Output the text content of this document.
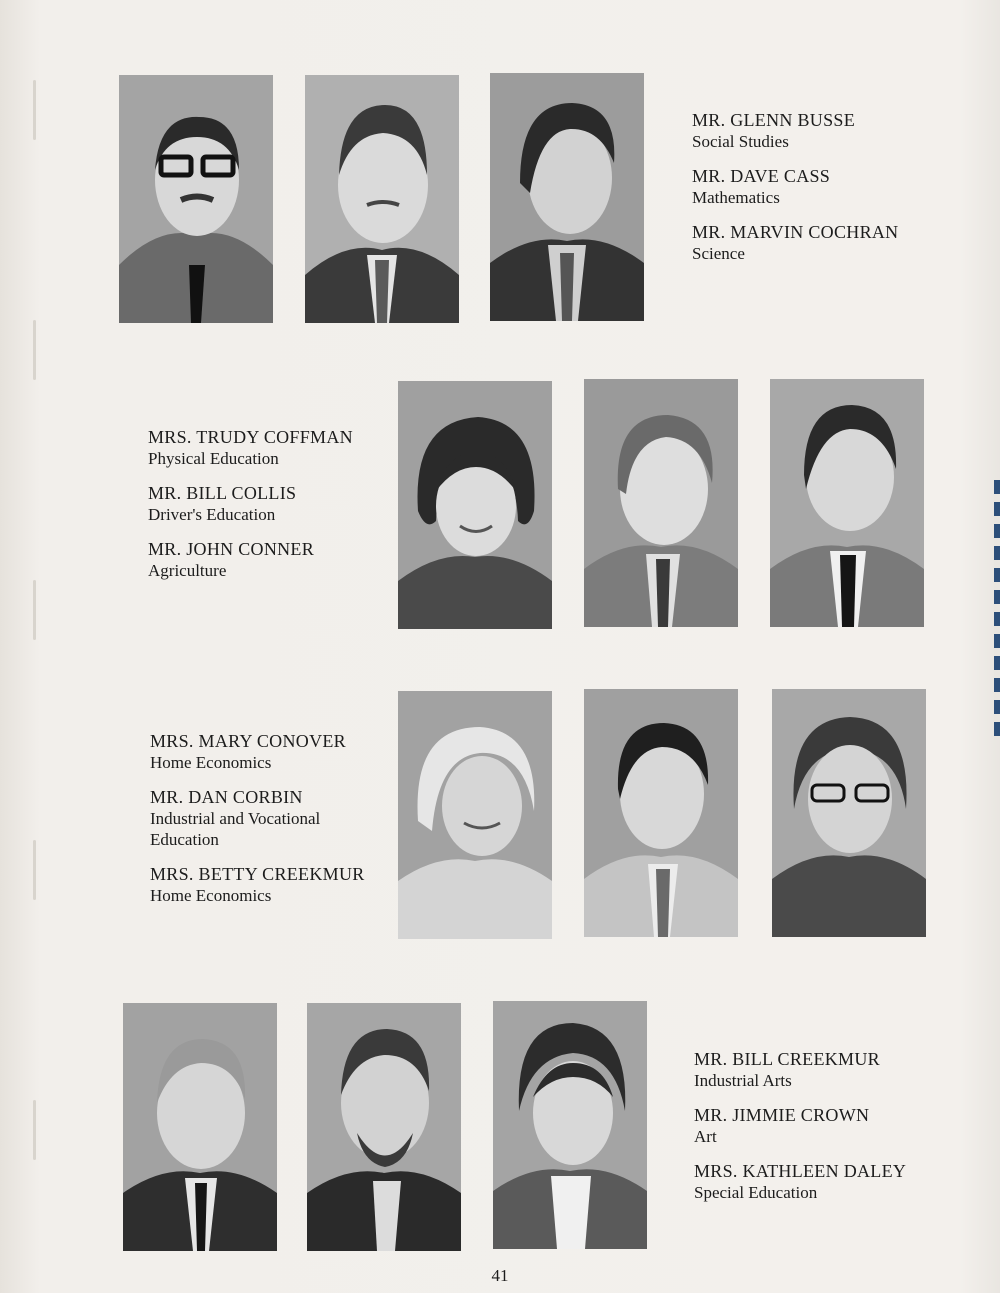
MR. GLENN BUSSE
Social Studies
MR. DAVE CASS
Mathematics
MR. MARVIN COCHRAN
Science
MRS. TRUDY COFFMAN
Physical Education
MR. BILL COLLIS
Driver's Education
MR. JOHN CONNER
Agriculture
MRS. MARY CONOVER
Home Economics
MR. DAN CORBIN
Industrial and Vocational Education
MRS. BETTY CREEKMUR
Home Economics
MR. BILL CREEKMUR
Industrial Arts
MR. JIMMIE CROWN
Art
MRS. KATHLEEN DALEY
Special Education
41
